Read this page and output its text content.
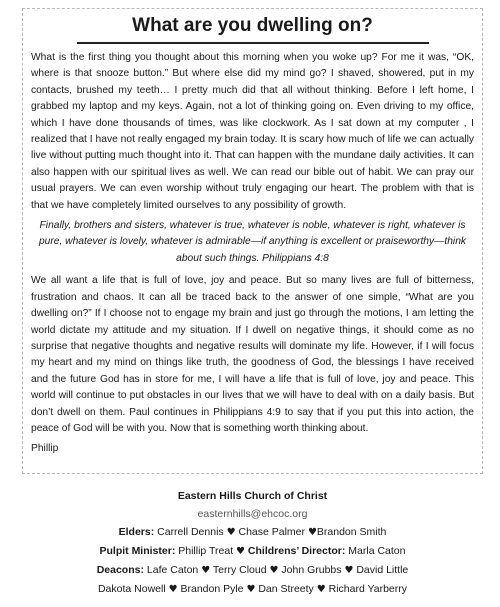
What are you dwelling on?

What is the first thing you thought about this morning when you woke up? For me it was, “OK, where is that snooze button.” But where else did my mind go? I shaved, showered, put in my contacts, brushed my teeth… I pretty much did that all without thinking. Before I left home, I grabbed my laptop and my keys. Again, not a lot of thinking going on. Even driving to my office, which I have done thousands of times, was like clockwork. As I sat down at my computer , I realized that I have not really engaged my brain today. It is scary how much of life we can actually live without putting much thought into it. That can happen with the mundane daily activities. It can also happen with our spiritual lives as well. We can read our bible out of habit. We can pray our usual prayers. We can even worship without truly engaging our heart. The problem with that is that we have completely limited ourselves to any possibility of growth.

Finally, brothers and sisters, whatever is true, whatever is noble, whatever is right, whatever is pure, whatever is lovely, whatever is admirable—if anything is excellent or praiseworthy—think about such things. Philippians 4:8

We all want a life that is full of love, joy and peace. But so many lives are full of bitterness, frustration and chaos. It can all be traced back to the answer of one simple, “What are you dwelling on?” If I choose not to engage my brain and just go through the motions, I am letting the world dictate my attitude and my situation. If I dwell on negative things, it should come as no surprise that negative thoughts and negative results will dominate my life. However, if I will focus my heart and my mind on things like truth, the goodness of God, the blessings I have received and the future God has in store for me, I will have a life that is full of love, joy and peace. This world will continue to put obstacles in our lives that we will have to deal with on a daily basis. But don’t dwell on them. Paul continues in Philippians 4:9 to say that if you put this into action, the peace of God will be with you. Now that is something worth thinking about.

Phillip

Eastern Hills Church of Christ
easternhills@ehcoc.org
Elders: Carrell Dennis ♥ Chase Palmer ♥Brandon Smith
Pulpit Minister: Phillip Treat ♥ Childrens’ Director: Marla Caton
Deacons: Lafe Caton ♥ Terry Cloud ♥ John Grubbs ♥ David Little
Dakota Nowell ♥ Brandon Pyle ♥ Dan Streety ♥ Richard Yarberry
